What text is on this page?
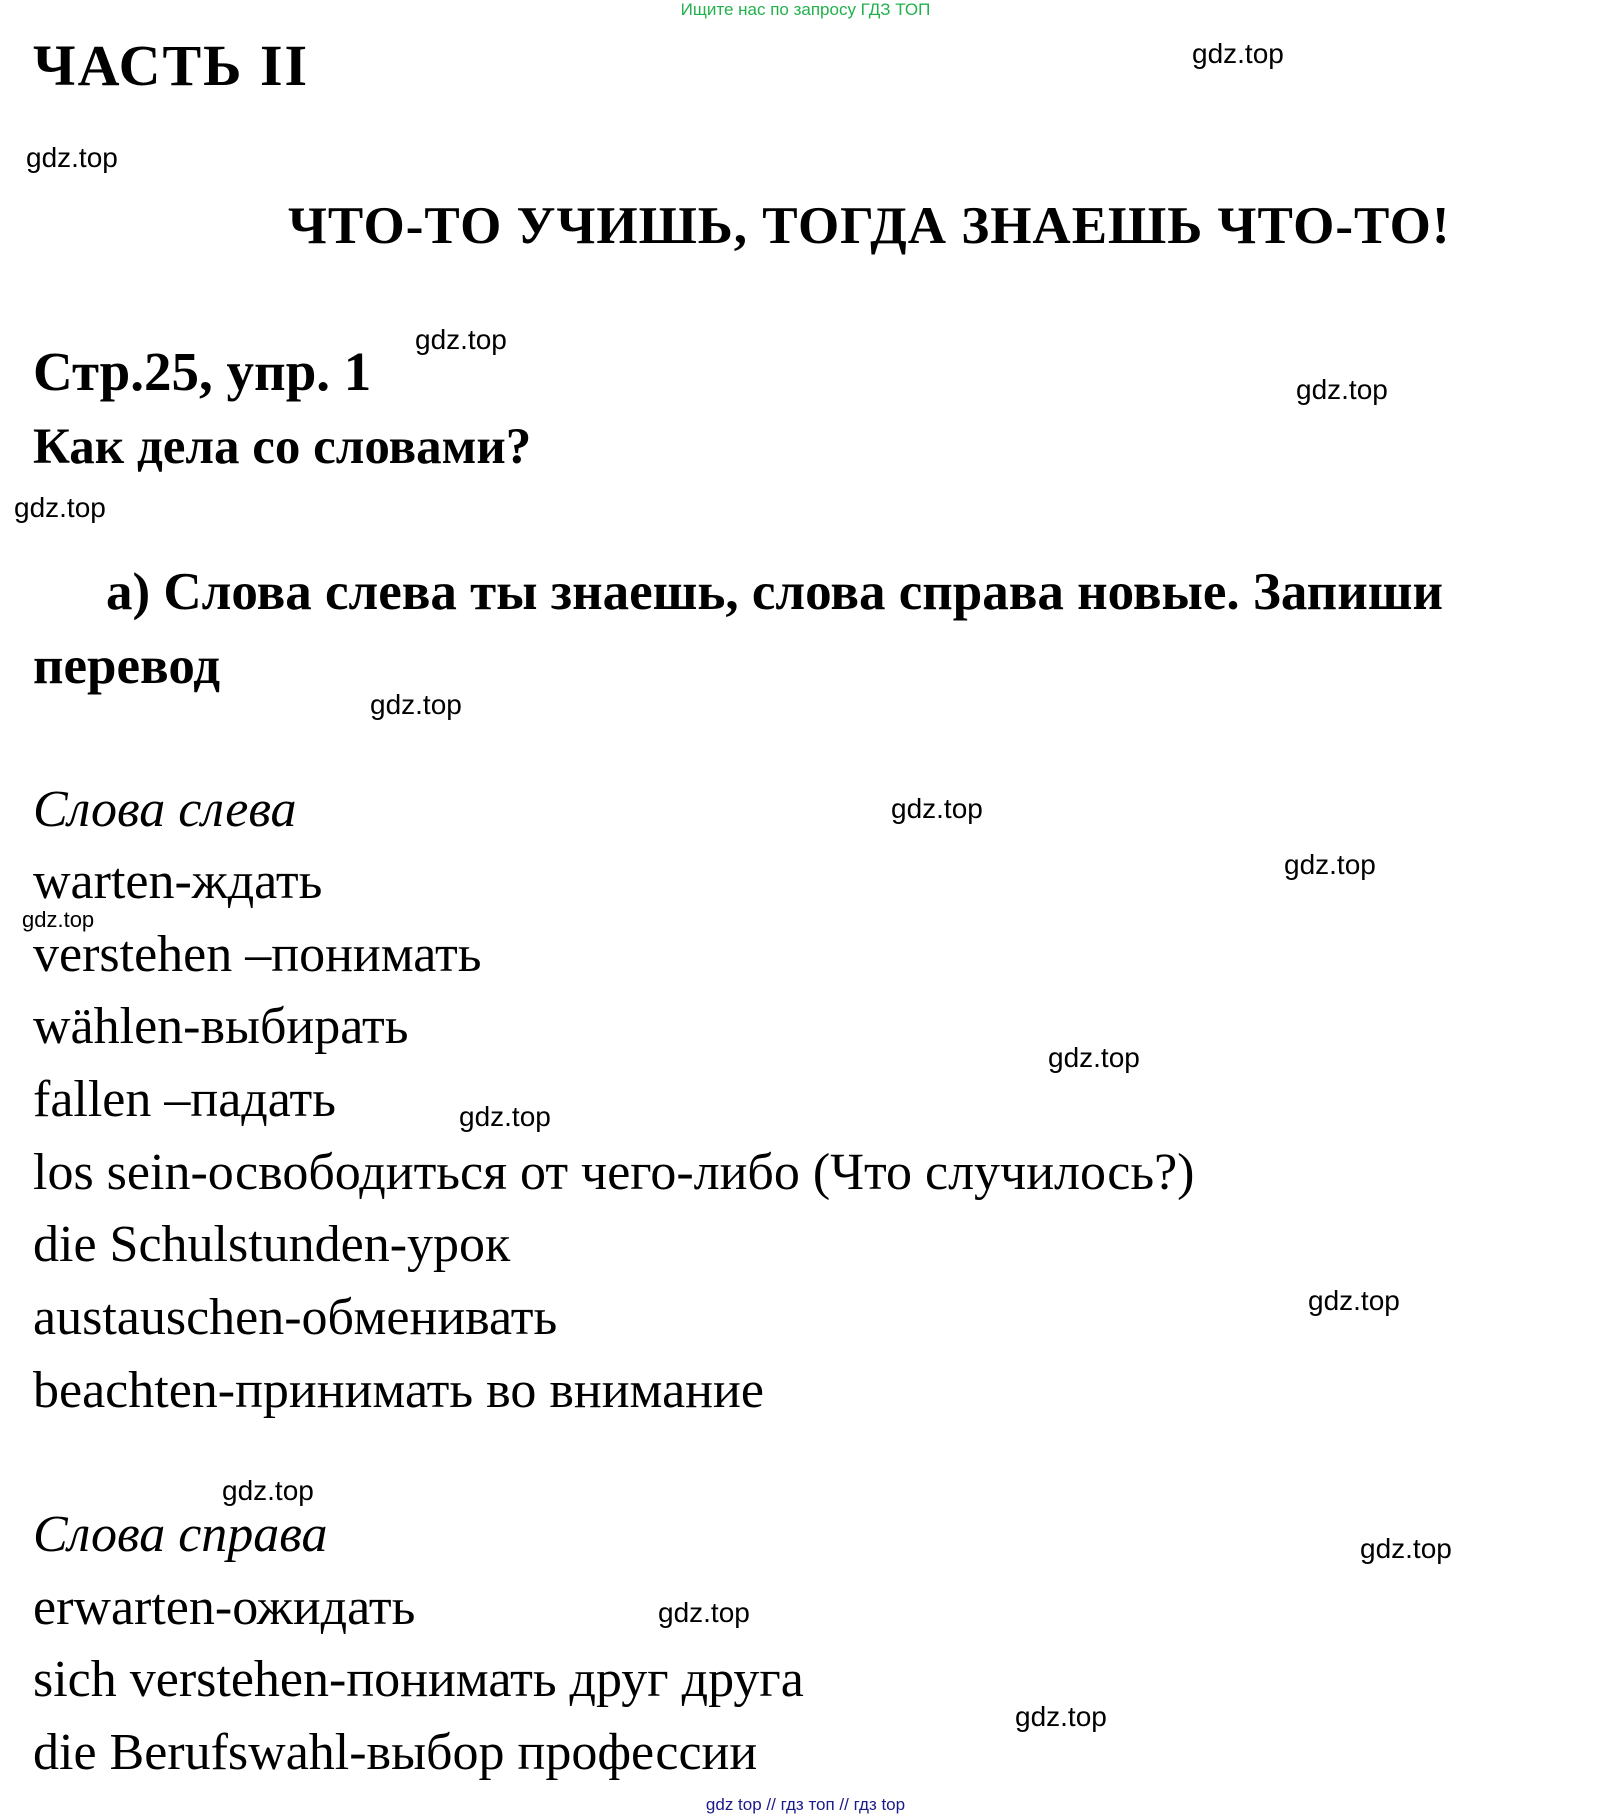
Ищите нас по запросу ГДЗ ТОП
ЧАСТЬ II
ЧТО-ТО УЧИШЬ, ТОГДА ЗНАЕШЬ ЧТО-ТО!
Стр.25, упр. 1
Как дела со словами?
а) Слова слева ты знаешь, слова справа новые. Запиши
перевод
Слова слева
warten-ждать
verstehen –понимать
wählen-выбирать
fallen –падать
los sein-освободиться от чего-либо (Что случилось?)
die Schulstunden-урок
austauschen-обменивать
beachten-принимать во внимание
Слова справа
erwarten-ожидать
sich verstehen-понимать друг друга
die Berufswahl-выбор профессии
gdz.top
gdz.top
gdz.top
gdz.top
gdz.top
gdz.top
gdz.top
gdz.top
gdz.top
gdz.top
gdz.top
gdz.top
gdz.top
gdz.top
gdz.top
gdz.top
gdz top // гдз топ // гдз top
